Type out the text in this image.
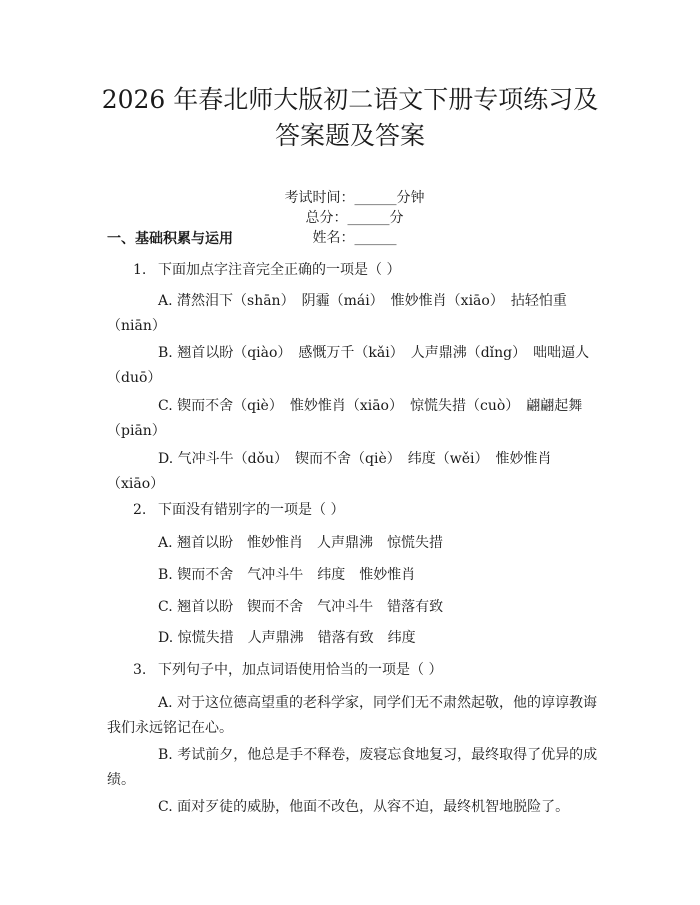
2026 年春北师大版初二语文下册专项练习及
答案题及答案

考试时间：______分钟
总分：______分
姓名：______

一、基础积累与运用
1. 下面加点字注音完全正确的一项是（ ）
A. 潸然泪下（shān）　阴霾（mái）　惟妙惟肖（xiāo）　拈轻怕重（niān）
B. 翘首以盼（qiào）　感慨万千（kǎi）　人声鼎沸（dǐng）　咄咄逼人（duō）
C. 锲而不舍（qiè）　惟妙惟肖（xiāo）　惊慌失措（cuò）　翩翩起舞（piān）
D. 气冲斗牛（dǒu）　锲而不舍（qiè）　纬度（wěi）　惟妙惟肖（xiāo）
2. 下面没有错别字的一项是（ ）
A. 翘首以盼　惟妙惟肖　人声鼎沸　惊慌失措
B. 锲而不舍　气冲斗牛　纬度　惟妙惟肖
C. 翘首以盼　锲而不舍　气冲斗牛　错落有致
D. 惊慌失措　人声鼎沸　错落有致　纬度
3. 下列句子中，加点词语使用恰当的一项是（ ）
A. 对于这位德高望重的老科学家，同学们无不肃然起敬，他的谆谆教诲我们永远铭记在心。
B. 考试前夕，他总是手不释卷，废寝忘食地复习，最终取得了优异的成绩。
C. 面对歹徒的威胁，他面不改色，从容不迫，最终机智地脱险了。
